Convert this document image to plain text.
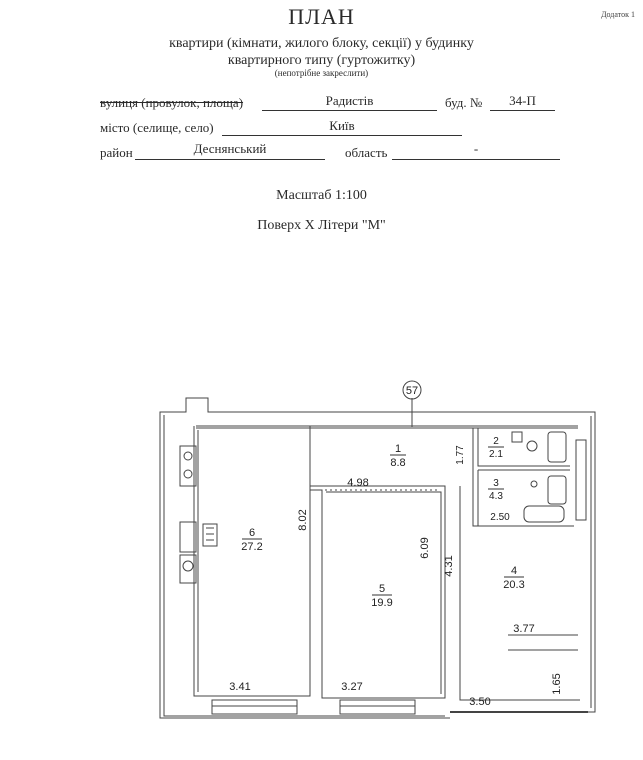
Додаток 1
ПЛАН
квартири (кімнати, жилого блоку, секції) у будинку
квартирного типу (гуртожитку)
(непотрібне закреслити)
вулиця (провулок, площа)	Радистів	буд. №	34-П
місто (селище, село)	Київ
район	Деснянський	область	-
Масштаб 1:100
Поверх Х Літери "М"
1
8.8
2
2.1
3
4.3
4
20.3
5
19.9
6
27.2
57
4.98
1.77
2.50
8.02
6.09
4.31
3.77
3.41	3.27
3.50
1.65
